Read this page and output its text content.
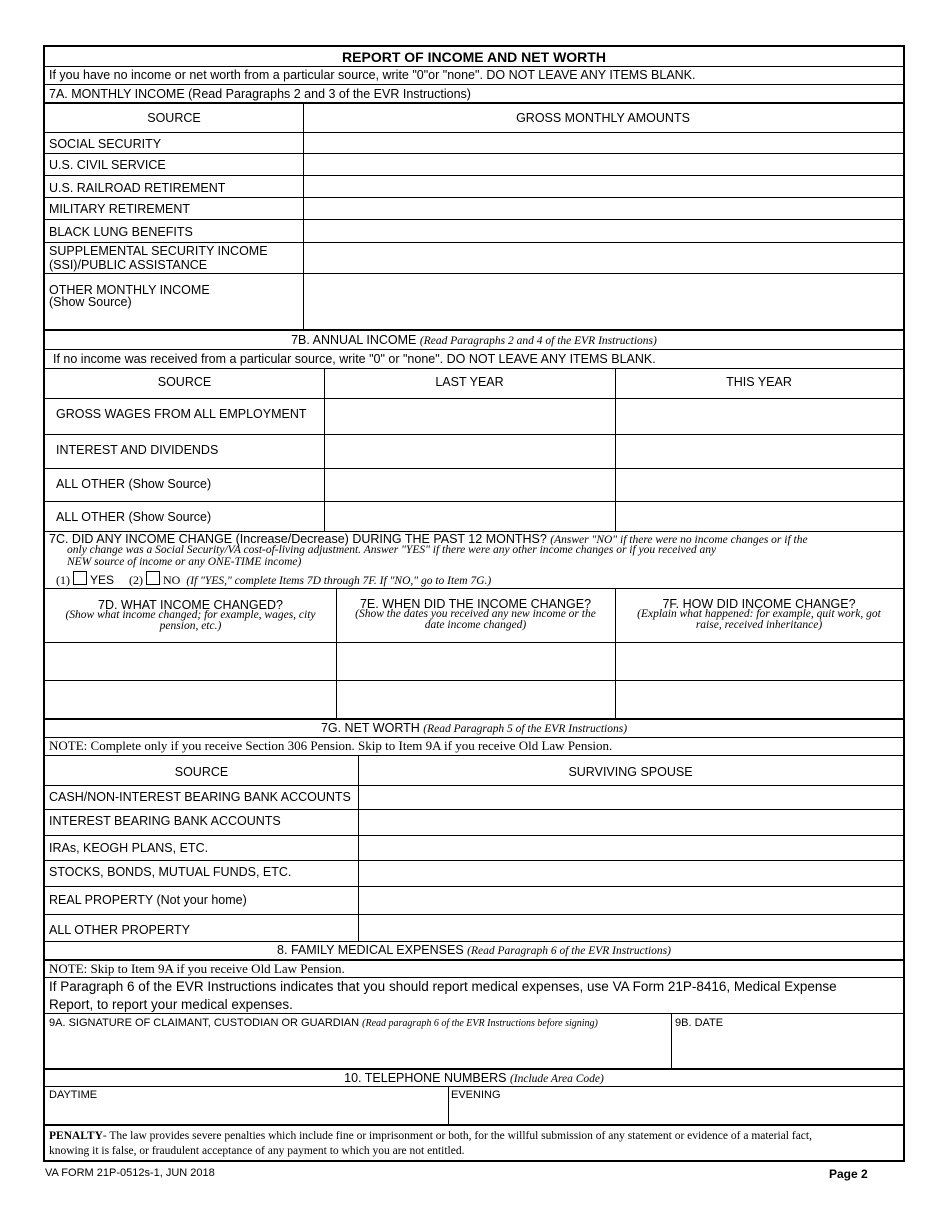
REPORT OF INCOME AND NET WORTH
If you have no income or net worth from a particular source, write "0"or "none". DO NOT LEAVE ANY ITEMS BLANK.
7A. MONTHLY INCOME (Read Paragraphs 2 and 3 of the EVR Instructions)
SOURCE	GROSS MONTHLY AMOUNTS
SOCIAL SECURITY
U.S. CIVIL SERVICE
U.S. RAILROAD RETIREMENT
MILITARY RETIREMENT
BLACK LUNG BENEFITS
SUPPLEMENTAL SECURITY INCOME
(SSI)/PUBLIC ASSISTANCE
OTHER MONTHLY INCOME
(Show Source)
7B. ANNUAL INCOME (Read Paragraphs 2 and 4 of the EVR Instructions)
If no income was received from a particular source, write "0" or "none". DO NOT LEAVE ANY ITEMS BLANK.
SOURCE	LAST YEAR	THIS YEAR
GROSS WAGES FROM ALL EMPLOYMENT
INTEREST AND DIVIDENDS
ALL OTHER (Show Source)
ALL OTHER (Show Source)
7C. DID ANY INCOME CHANGE (Increase/Decrease) DURING THE PAST 12 MONTHS? (Answer "NO" if there were no income changes or if the
only change was a Social Security/VA cost-of-living adjustment. Answer "YES" if there were any other income changes or if you received any
NEW source of income or any ONE-TIME income)
(1) YES (2) NO (If "YES," complete Items 7D through 7F. If "NO," go to Item 7G.)
7D. WHAT INCOME CHANGED?
(Show what income changed; for example, wages, city
pension, etc.)
7E. WHEN DID THE INCOME CHANGE?
(Show the dates you received any new income or the
date income changed)
7F. HOW DID INCOME CHANGE?
(Explain what happened: for example, quit work, got
raise, received inheritance)
7G. NET WORTH (Read Paragraph 5 of the EVR Instructions)
NOTE: Complete only if you receive Section 306 Pension. Skip to Item 9A if you receive Old Law Pension.
SOURCE	SURVIVING SPOUSE
CASH/NON-INTEREST BEARING BANK ACCOUNTS
INTEREST BEARING BANK ACCOUNTS
IRAs, KEOGH PLANS, ETC.
STOCKS, BONDS, MUTUAL FUNDS, ETC.
REAL PROPERTY (Not your home)
ALL OTHER PROPERTY
8. FAMILY MEDICAL EXPENSES (Read Paragraph 6 of the EVR Instructions)
NOTE: Skip to Item 9A if you receive Old Law Pension.
If Paragraph 6 of the EVR Instructions indicates that you should report medical expenses, use VA Form 21P-8416, Medical Expense
Report, to report your medical expenses.
9A. SIGNATURE OF CLAIMANT, CUSTODIAN OR GUARDIAN (Read paragraph 6 of the EVR Instructions before signing)	9B. DATE
10. TELEPHONE NUMBERS (Include Area Code)
DAYTIME	EVENING
PENALTY- The law provides severe penalties which include fine or imprisonment or both, for the willful submission of any statement or evidence of a material fact,
knowing it is false, or fraudulent acceptance of any payment to which you are not entitled.
VA FORM 21P-0512s-1, JUN 2018	Page 2
